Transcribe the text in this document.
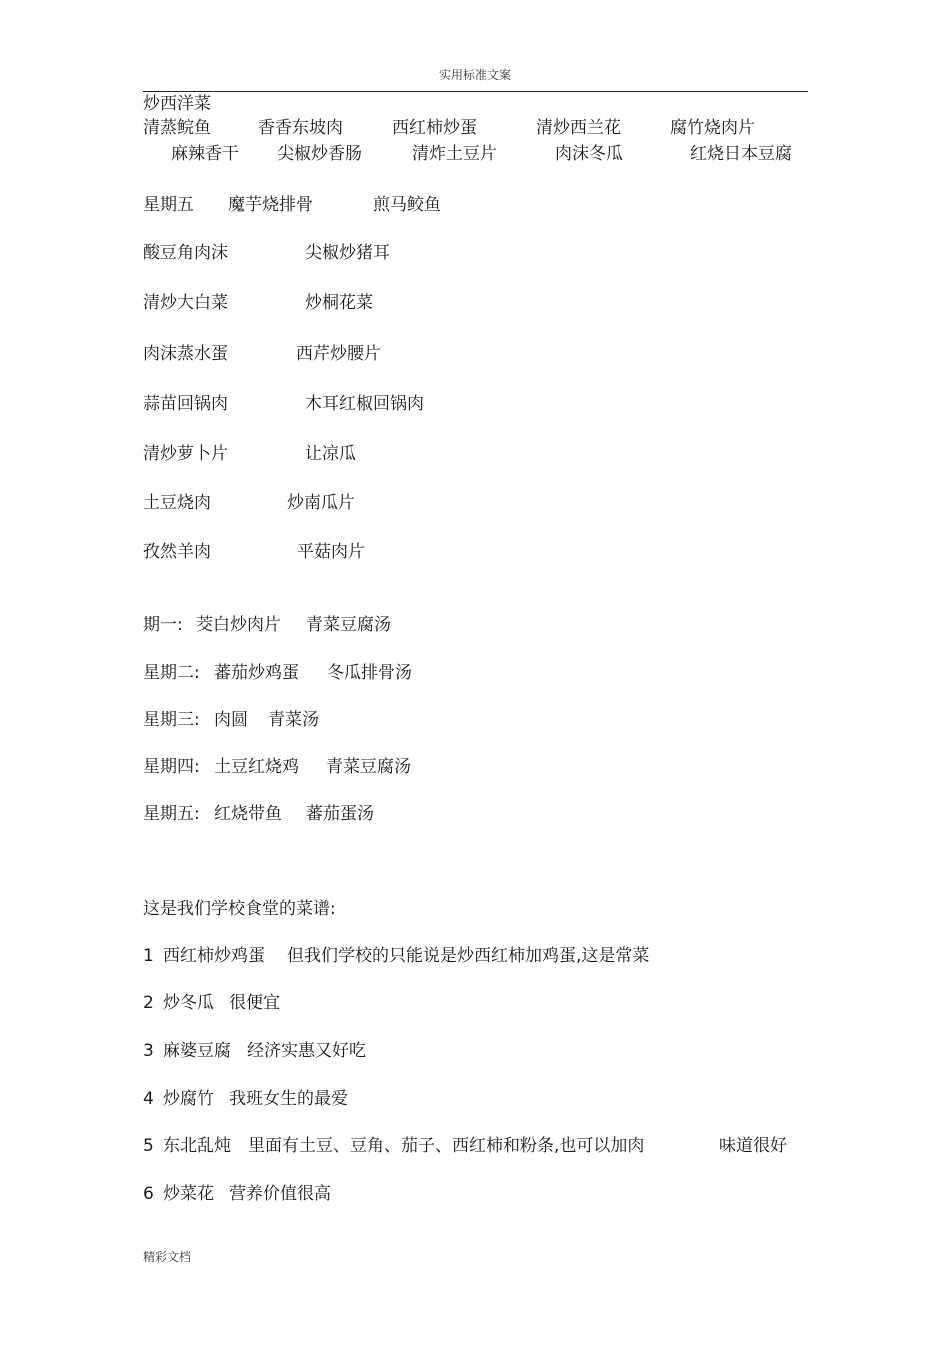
实用标准文案
炒西洋菜
清蒸鲩鱼	香香东坡肉	西红柿炒蛋	清炒西兰花	腐竹烧肉片
麻辣香干 尖椒炒香肠	清炸土豆片	肉沫冬瓜	红烧日本豆腐
星期五 魔芋烧排骨	煎马鲛鱼
酸豆角肉沫	尖椒炒猪耳
清炒大白菜	炒桐花菜
肉沫蒸水蛋	西芹炒腰片
蒜苗回锅肉	木耳红椒回锅肉
清炒萝卜片	让凉瓜
土豆烧肉	炒南瓜片
孜然羊肉	平菇肉片
期一: 茭白炒肉片 青菜豆腐汤
星期二: 蕃茄炒鸡蛋 冬瓜排骨汤
星期三: 肉圆 青菜汤
星期四: 土豆红烧鸡 青菜豆腐汤
星期五: 红烧带鱼 蕃茄蛋汤
这是我们学校食堂的菜谱:
1 西红柿炒鸡蛋 但我们学校的只能说是炒西红柿加鸡蛋,这是常菜
2 炒冬瓜 很便宜
3 麻婆豆腐 经济实惠又好吃
4 炒腐竹 我班女生的最爱
5 东北乱炖 里面有土豆、豆角、茄子、西红柿和粉条,也可以加肉	味道很好
6 炒菜花 营养价值很高
精彩文档
